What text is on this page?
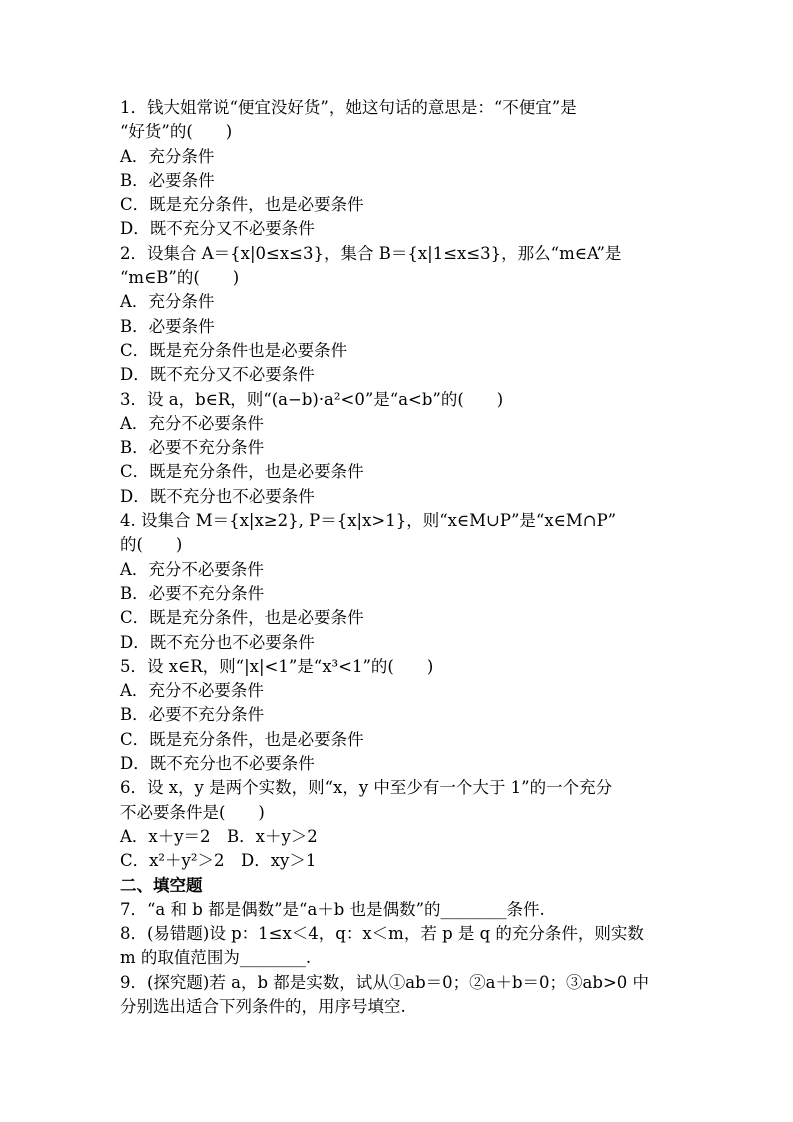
1．钱大姐常说“便宜没好货”，她这句话的意思是：“不便宜”是
“好货”的(　　)
A．充分条件
B．必要条件
C．既是充分条件，也是必要条件
D．既不充分又不必要条件
2．设集合 A＝{x|0≤x≤3}，集合 B＝{x|1≤x≤3}，那么“m∈A”是
“m∈B”的(　　)
A．充分条件
B．必要条件
C．既是充分条件也是必要条件
D．既不充分又不必要条件
3．设 a，b∈R，则“(a−b)·a²<0”是“a<b”的(　　)
A．充分不必要条件
B．必要不充分条件
C．既是充分条件，也是必要条件
D．既不充分也不必要条件
4. 设集合 M＝{x|x≥2}, P＝{x|x>1}，则“x∈M∪P”是“x∈M∩P”
的(　　)
A．充分不必要条件
B．必要不充分条件
C．既是充分条件，也是必要条件
D．既不充分也不必要条件
5．设 x∈R，则“|x|<1”是“x³<1”的(　　)
A．充分不必要条件
B．必要不充分条件
C．既是充分条件，也是必要条件
D．既不充分也不必要条件
6．设 x，y 是两个实数，则“x，y 中至少有一个大于 1”的一个充分
不必要条件是(　　)
A．x＋y＝2　B．x＋y＞2
C．x²＋y²＞2　D．xy＞1
二、填空题
7．“a 和 b 都是偶数”是“a＋b 也是偶数”的________条件.
8．(易错题)设 p：1≤x＜4，q：x＜m，若 p 是 q 的充分条件，则实数
m 的取值范围为________.
9．(探究题)若 a，b 都是实数，试从①ab＝0；②a＋b＝0；③ab>0 中
分别选出适合下列条件的，用序号填空.
